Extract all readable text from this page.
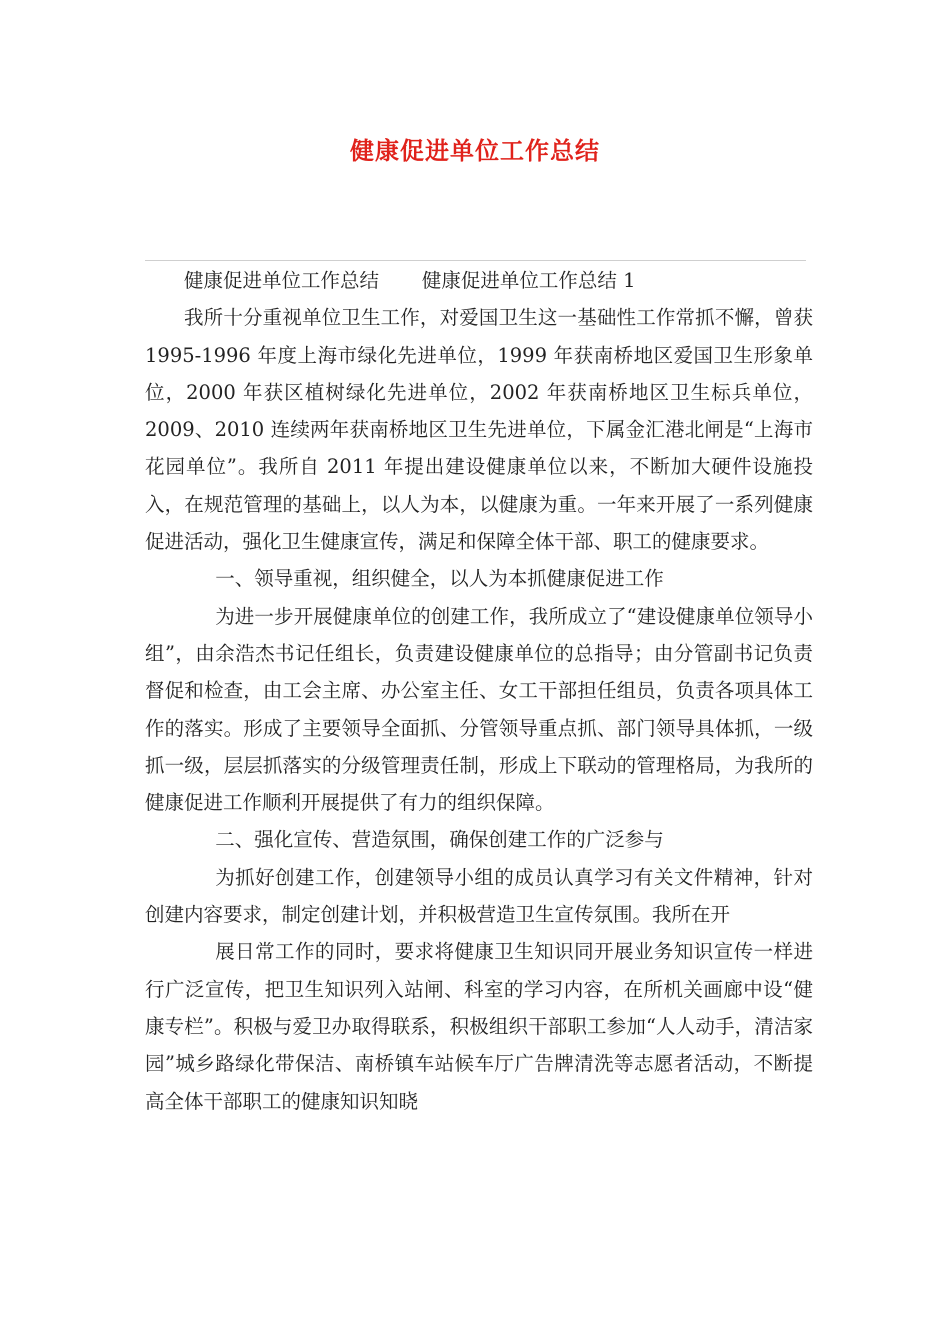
健康促进单位工作总结

健康促进单位工作总结 健康促进单位工作总结 1

我所十分重视单位卫生工作，对爱国卫生这一基础性工作常抓不懈，曾获 1995-1996 年度上海市绿化先进单位，1999 年获南桥地区爱国卫生形象单位，2000 年获区植树绿化先进单位，2002 年获南桥地区卫生标兵单位，2009、2010 连续两年获南桥地区卫生先进单位，下属金汇港北闸是“上海市花园单位”。我所自 2011 年提出建设健康单位以来，不断加大硬件设施投入，在规范管理的基础上，以人为本，以健康为重。一年来开展了一系列健康促进活动，强化卫生健康宣传，满足和保障全体干部、职工的健康要求。

一、领导重视，组织健全，以人为本抓健康促进工作

为进一步开展健康单位的创建工作，我所成立了“建设健康单位领导小组”，由余浩杰书记任组长，负责建设健康单位的总指导；由分管副书记负责督促和检查，由工会主席、办公室主任、女工干部担任组员，负责各项具体工作的落实。形成了主要领导全面抓、分管领导重点抓、部门领导具体抓，一级抓一级，层层抓落实的分级管理责任制，形成上下联动的管理格局，为我所的健康促进工作顺利开展提供了有力的组织保障。

二、强化宣传、营造氛围，确保创建工作的广泛参与

为抓好创建工作，创建领导小组的成员认真学习有关文件精神，针对创建内容要求，制定创建计划，并积极营造卫生宣传氛围。我所在开

展日常工作的同时，要求将健康卫生知识同开展业务知识宣传一样进行广泛宣传，把卫生知识列入站闸、科室的学习内容，在所机关画廊中设“健康专栏”。积极与爱卫办取得联系，积极组织干部职工参加“人人动手，清洁家园”城乡路绿化带保洁、南桥镇车站候车厅广告牌清洗等志愿者活动，不断提高全体干部职工的健康知识知晓
